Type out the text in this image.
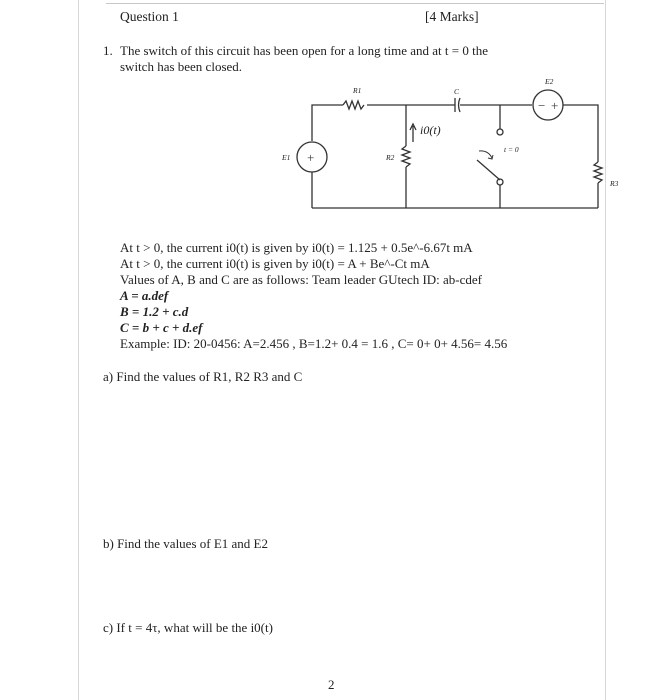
Question 1	[4 Marks]
1. The switch of this circuit has been open for a long time and at t = 0 the
switch has been closed.
+
− +
R1	C
E2
E1	R2
R3
t = 0
i0(t)
At t > 0, the current i0(t) is given by i0(t) = 1.125 + 0.5e^-6.67t mA
At t > 0, the current i0(t) is given by i0(t) = A + Be^-Ct mA
Values of A, B and C are as follows: Team leader GUtech ID: ab-cdef
A = a.def
B = 1.2 + c.d
C = b + c + d.ef
Example: ID: 20-0456: A=2.456 , B=1.2+ 0.4 = 1.6 , C= 0+ 0+ 4.56= 4.56
a) Find the values of R1, R2 R3 and C
b) Find the values of E1 and E2
c) If t = 4τ, what will be the i0(t)
2
